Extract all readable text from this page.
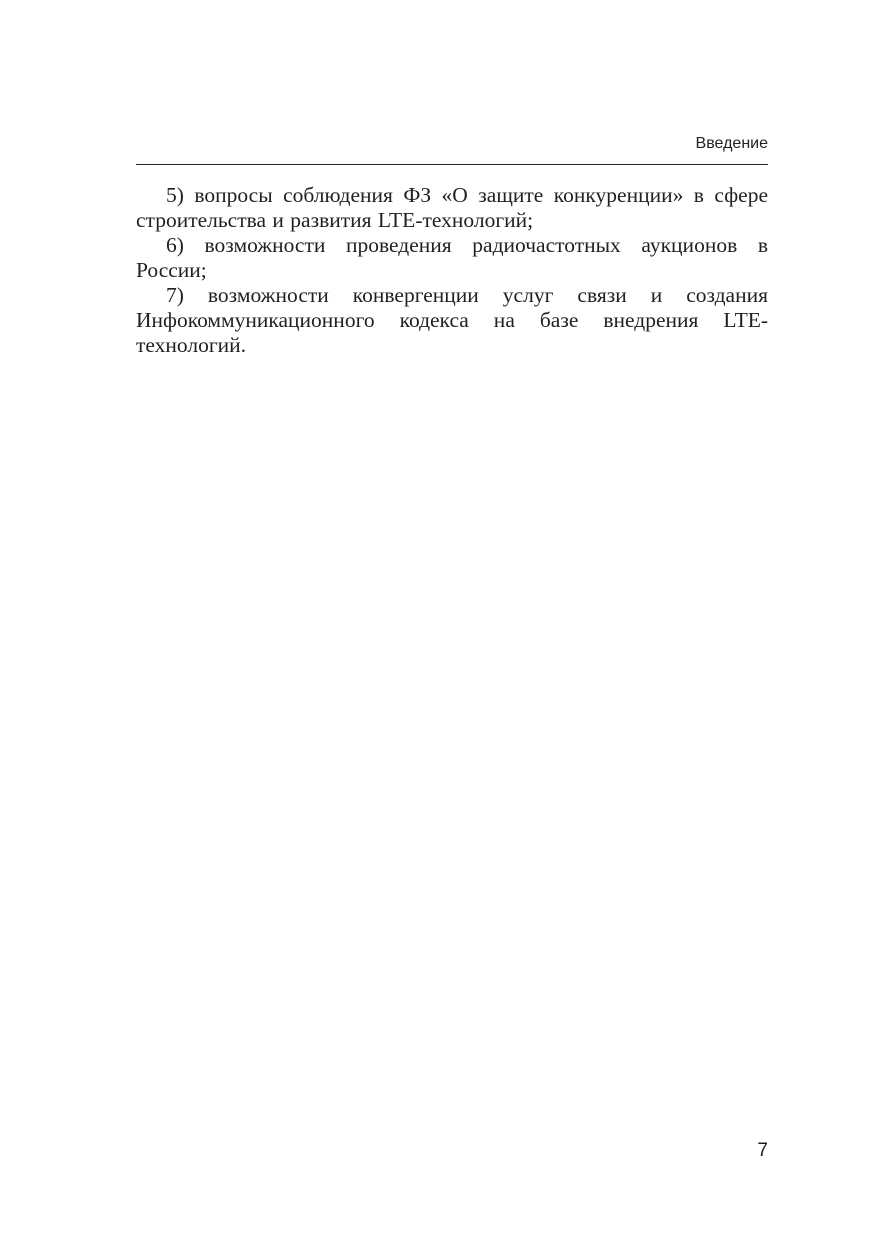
Введение

5) вопросы соблюдения ФЗ «О защите конкуренции» в сфере строительства и развития LTE-технологий;

6) возможности проведения радиочастотных аукционов в России;

7) возможности конвергенции услуг связи и создания Инфокоммуникационного кодекса на базе внедрения LTE-технологий.

7
